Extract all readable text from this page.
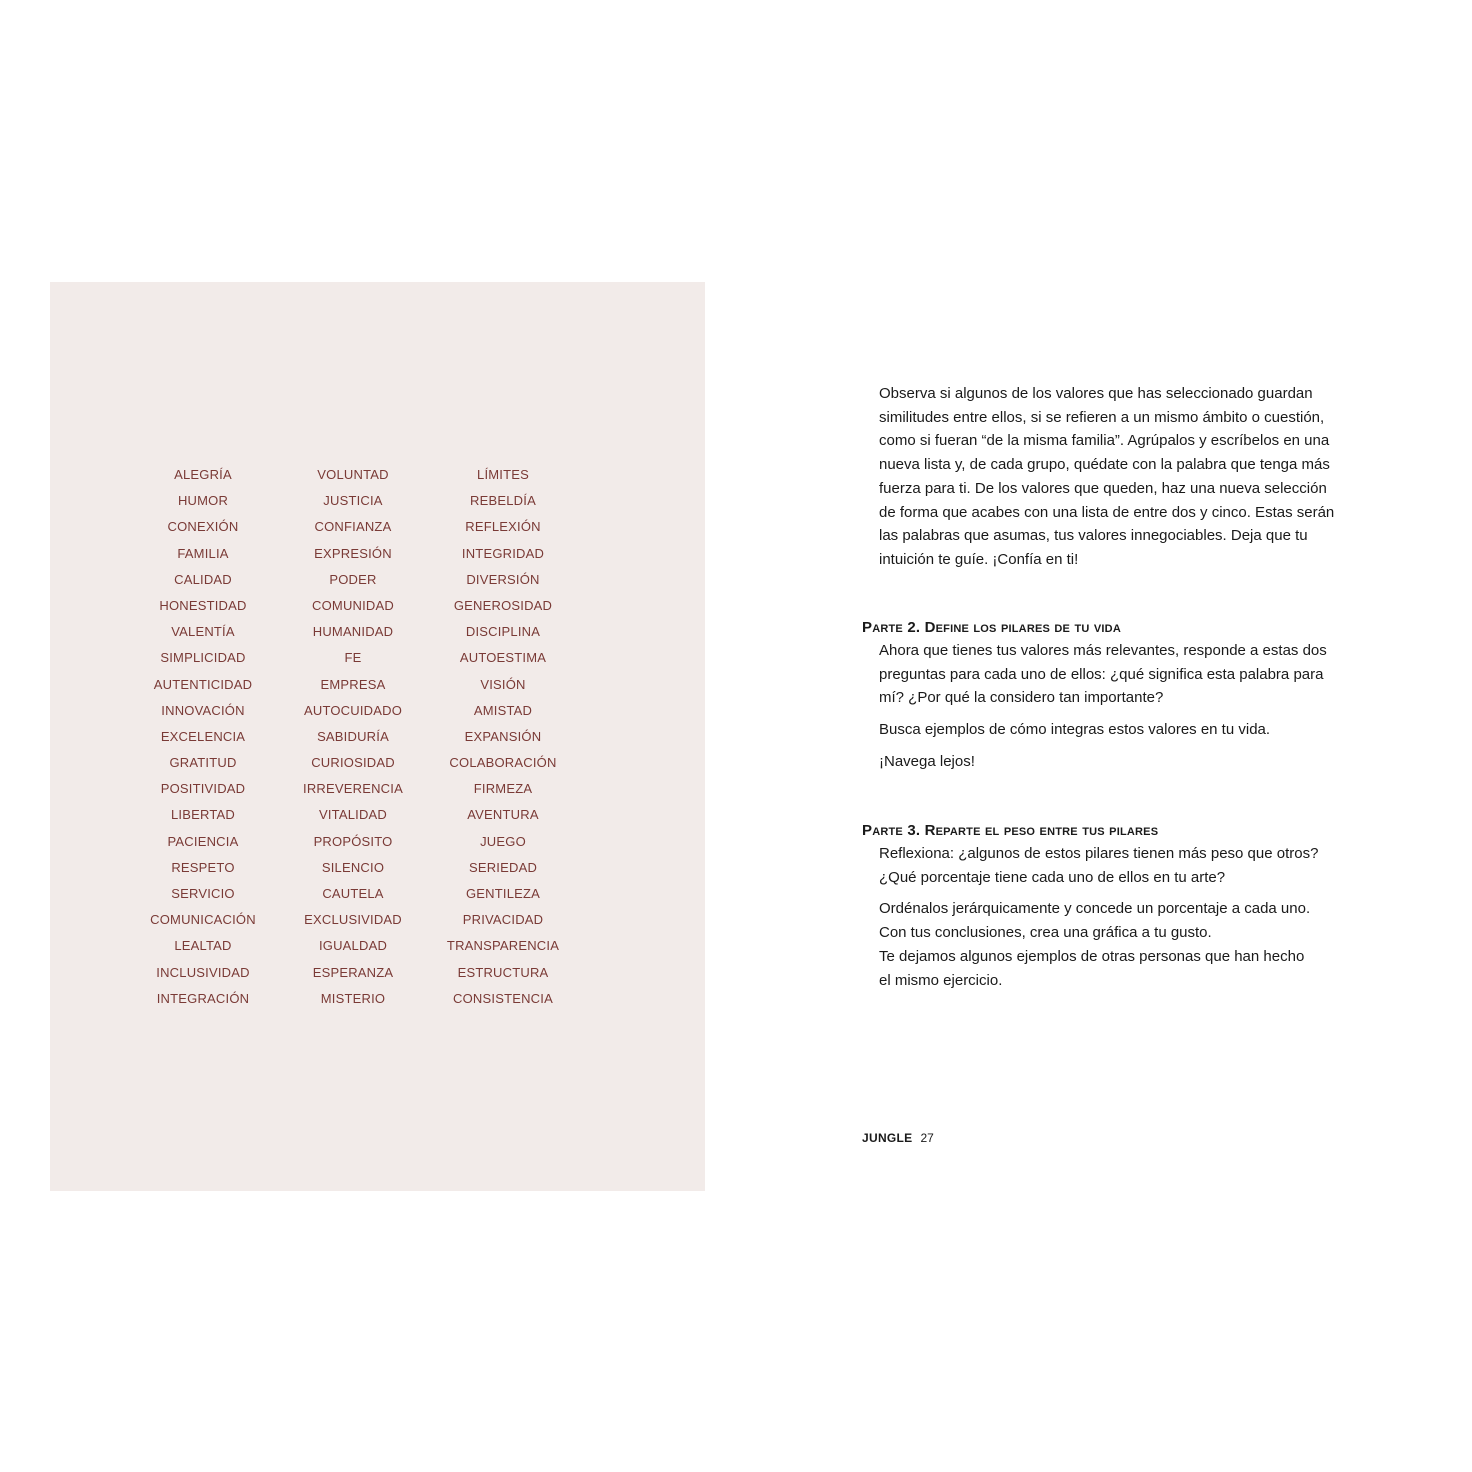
ALEGRÍA
HUMOR
CONEXIÓN
FAMILIA
CALIDAD
HONESTIDAD
VALENTÍA
SIMPLICIDAD
AUTENTICIDAD
INNOVACIÓN
EXCELENCIA
GRATITUD
POSITIVIDAD
LIBERTAD
PACIENCIA
RESPETO
SERVICIO
COMUNICACIÓN
LEALTAD
INCLUSIVIDAD
INTEGRACIÓN
VOLUNTAD
JUSTICIA
CONFIANZA
EXPRESIÓN
PODER
COMUNIDAD
HUMANIDAD
FE
EMPRESA
AUTOCUIDADO
SABIDURÍA
CURIOSIDAD
IRREVERENCIA
VITALIDAD
PROPÓSITO
SILENCIO
CAUTELA
EXCLUSIVIDAD
IGUALDAD
ESPERANZA
MISTERIO
LÍMITES
REBELDÍA
REFLEXIÓN
INTEGRIDAD
DIVERSIÓN
GENEROSIDAD
DISCIPLINA
AUTOESTIMA
VISIÓN
AMISTAD
EXPANSIÓN
COLABORACIÓN
FIRMEZA
AVENTURA
JUEGO
SERIEDAD
GENTILEZA
PRIVACIDAD
TRANSPARENCIA
ESTRUCTURA
CONSISTENCIA

Observa si algunos de los valores que has seleccionado guardan
similitudes entre ellos, si se refieren a un mismo ámbito o cuestión,
como si fueran “de la misma familia”. Agrúpalos y escríbelos en una
nueva lista y, de cada grupo, quédate con la palabra que tenga más
fuerza para ti. De los valores que queden, haz una nueva selección
de forma que acabes con una lista de entre dos y cinco. Estas serán
las palabras que asumas, tus valores innegociables. Deja que tu
intuición te guíe. ¡Confía en ti!

Parte 2. Define los pilares de tu vida

Ahora que tienes tus valores más relevantes, responde a estas dos
preguntas para cada uno de ellos: ¿qué significa esta palabra para
mí? ¿Por qué la considero tan importante?

Busca ejemplos de cómo integras estos valores en tu vida.

¡Navega lejos!

Parte 3. Reparte el peso entre tus pilares

Reflexiona: ¿algunos de estos pilares tienen más peso que otros?
¿Qué porcentaje tiene cada uno de ellos en tu arte?

Ordénalos jerárquicamente y concede un porcentaje a cada uno.
Con tus conclusiones, crea una gráfica a tu gusto.
Te dejamos algunos ejemplos de otras personas que han hecho
el mismo ejercicio.

JUNGLE 27
